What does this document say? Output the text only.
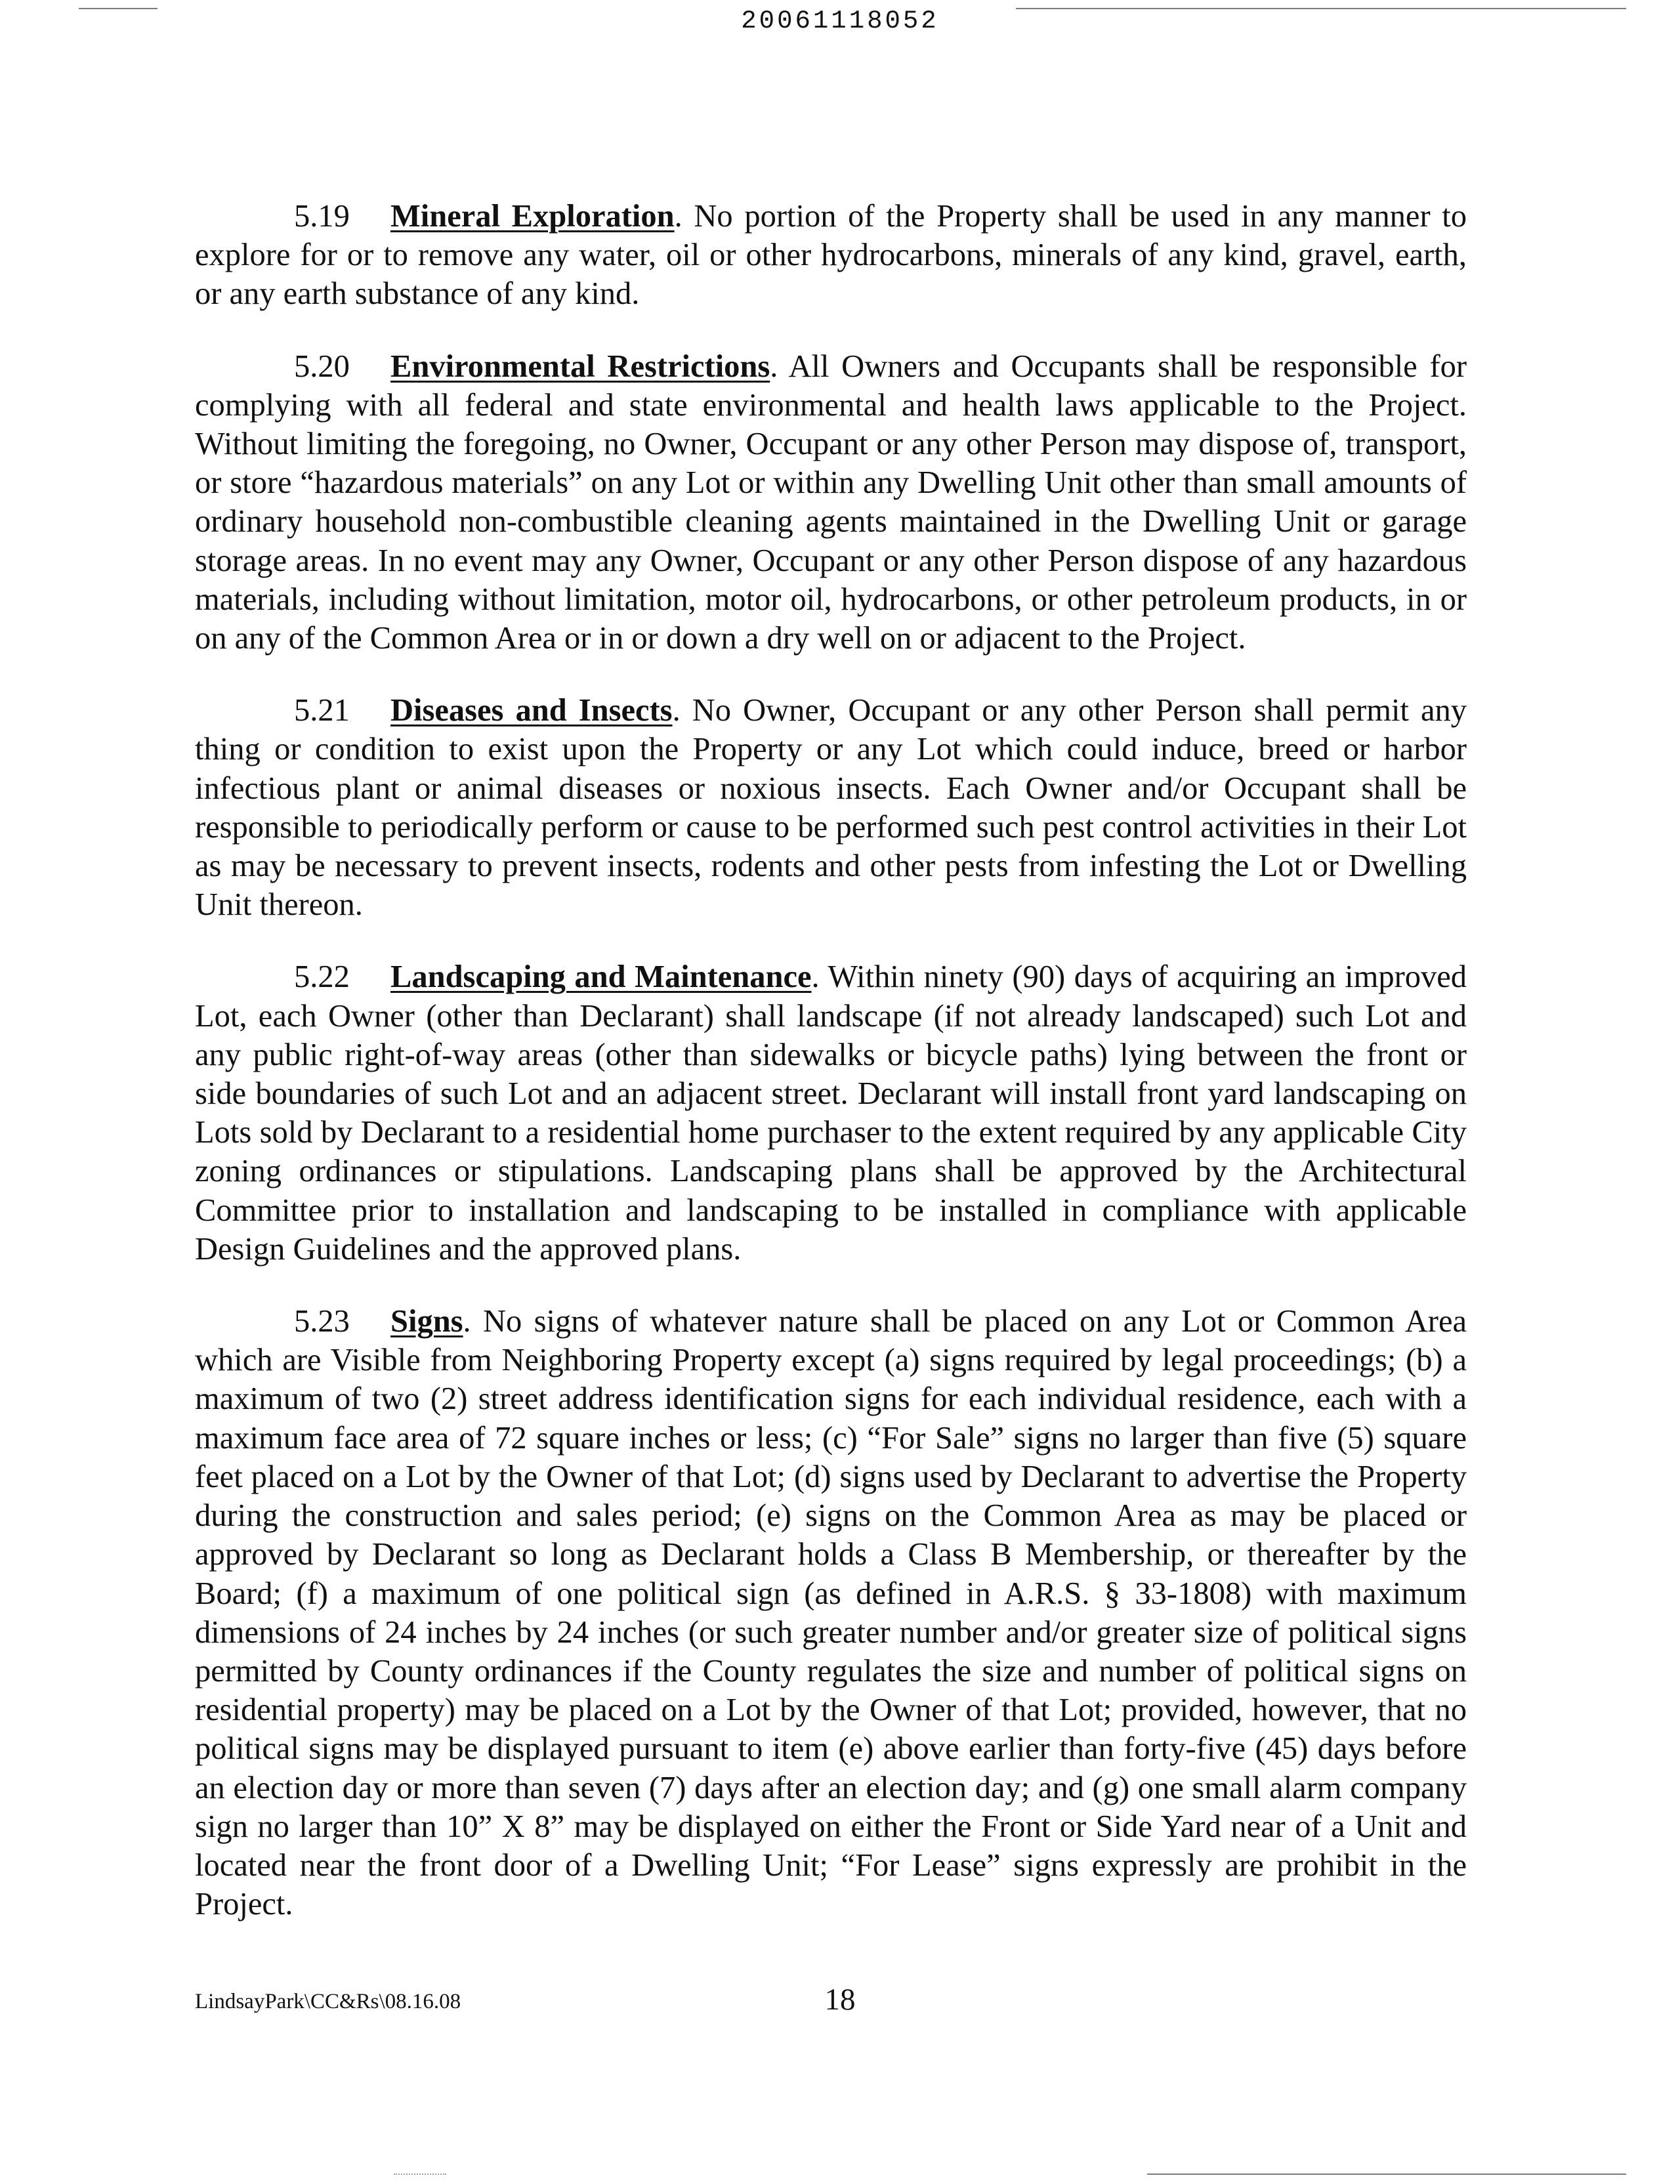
20061118052

5.19 Mineral Exploration. No portion of the Property shall be used in any manner to explore for or to remove any water, oil or other hydrocarbons, minerals of any kind, gravel, earth, or any earth substance of any kind.

5.20 Environmental Restrictions. All Owners and Occupants shall be responsible for complying with all federal and state environmental and health laws applicable to the Project. Without limiting the foregoing, no Owner, Occupant or any other Person may dispose of, transport, or store “hazardous materials” on any Lot or within any Dwelling Unit other than small amounts of ordinary household non-combustible cleaning agents maintained in the Dwelling Unit or garage storage areas. In no event may any Owner, Occupant or any other Person dispose of any hazardous materials, including without limitation, motor oil, hydrocarbons, or other petroleum products, in or on any of the Common Area or in or down a dry well on or adjacent to the Project.

5.21 Diseases and Insects. No Owner, Occupant or any other Person shall permit any thing or condition to exist upon the Property or any Lot which could induce, breed or harbor infectious plant or animal diseases or noxious insects. Each Owner and/or Occupant shall be responsible to periodically perform or cause to be performed such pest control activities in their Lot as may be necessary to prevent insects, rodents and other pests from infesting the Lot or Dwelling Unit thereon.

5.22 Landscaping and Maintenance. Within ninety (90) days of acquiring an improved Lot, each Owner (other than Declarant) shall landscape (if not already landscaped) such Lot and any public right-of-way areas (other than sidewalks or bicycle paths) lying between the front or side boundaries of such Lot and an adjacent street. Declarant will install front yard landscaping on Lots sold by Declarant to a residential home purchaser to the extent required by any applicable City zoning ordinances or stipulations. Landscaping plans shall be approved by the Architectural Committee prior to installation and landscaping to be installed in compliance with applicable Design Guidelines and the approved plans.

5.23 Signs. No signs of whatever nature shall be placed on any Lot or Common Area which are Visible from Neighboring Property except (a) signs required by legal proceedings; (b) a maximum of two (2) street address identification signs for each individual residence, each with a maximum face area of 72 square inches or less; (c) “For Sale” signs no larger than five (5) square feet placed on a Lot by the Owner of that Lot; (d) signs used by Declarant to advertise the Property during the construction and sales period; (e) signs on the Common Area as may be placed or approved by Declarant so long as Declarant holds a Class B Membership, or thereafter by the Board; (f) a maximum of one political sign (as defined in A.R.S. § 33-1808) with maximum dimensions of 24 inches by 24 inches (or such greater number and/or greater size of political signs permitted by County ordinances if the County regulates the size and number of political signs on residential property) may be placed on a Lot by the Owner of that Lot; provided, however, that no political signs may be displayed pursuant to item (e) above earlier than forty-five (45) days before an election day or more than seven (7) days after an election day; and (g) one small alarm company sign no larger than 10” X 8” may be displayed on either the Front or Side Yard near of a Unit and located near the front door of a Dwelling Unit; “For Lease” signs expressly are prohibit in the Project.

LindsayPark\CC&Rs\08.16.08	18
